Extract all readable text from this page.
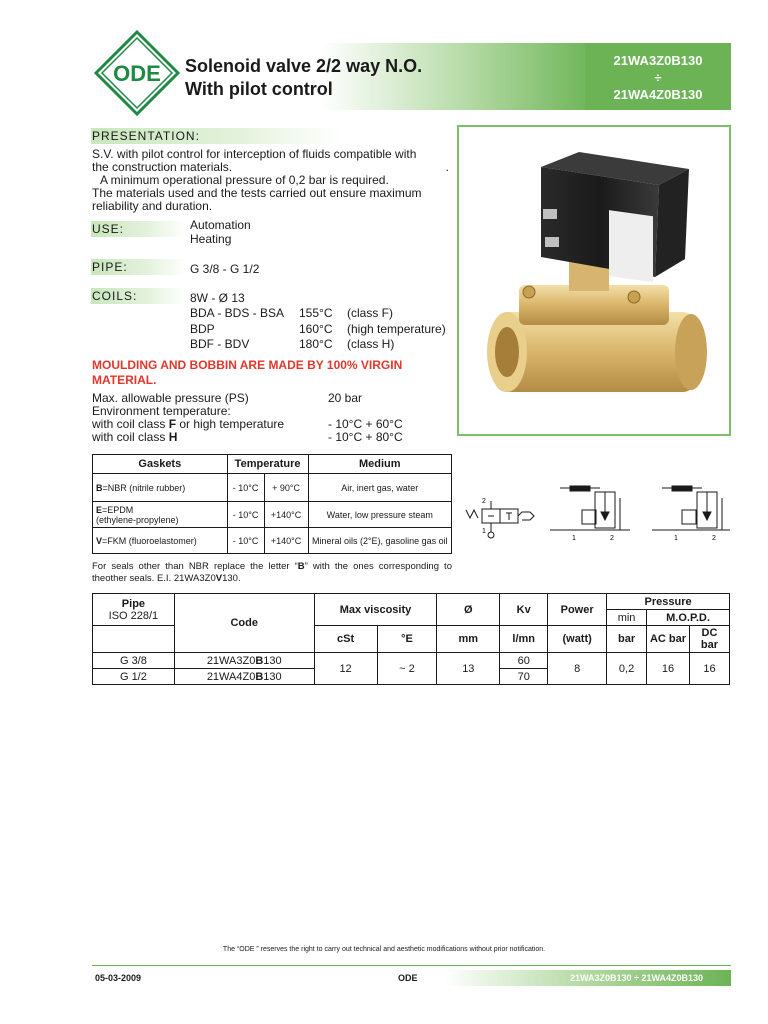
ODE Solenoid valve 2/2 way N.O.
With pilot control
21WA3Z0B130
÷
21WA4Z0B130
PRESENTATION:
S.V. with pilot control for interception of fluids compatible with
the construction materials.	.
A minimum operational pressure of 0,2 bar is required.
The materials used and the tests carried out ensure maximum
reliability and duration.
USE:	Automation
Heating
PIPE:	G 3/8 - G 1/2
COILS:	8W - Ø 13
BDA - BDS - BSA 155°C (class F)
BDP	160°C (high temperature)
BDF - BDV	180°C (class H)
MOULDING AND BOBBIN ARE MADE BY 100% VIRGIN MATERIAL.
Max. allowable pressure (PS)	20 bar
Environment temperature:
with coil class F or high temperature	- 10°C + 60°C
with coil class H	- 10°C + 80°C
Gaskets	Temperature		Medium
B=NBR (nitrile rubber)	- 10°C	+ 90°C	Air, inert gas, water
E=EPDM
(ethylene-propylene)	- 10°C	+140°C	Water, low pressure steam
V=FKM (fluoroelastomer)	- 10°C	+140°C	Mineral oils (2°E), gasoline gas oil
2
1
1	2	1	2
For seals other than NBR replace the letter “B” with the ones corresponding to theother seals. E.I. 21WA3Z0V130.
Pipe
ISO 228/1	Code	Max viscosity		Ø	Kv	Power	Pressure		
							min	M.O.P.D.	
		cSt	°E	mm	l/mn	(watt)	bar	AC bar	DC bar
G 3/8	21WA3Z0B130	12	~ 2	13	60	8	0,2	16	16
G 1/2	21WA4Z0B130				70				
The “ODE ” reserves the right to carry out technical and aesthetic modifications without prior notification.
05-03-2009	ODE	21WA3Z0B130 ÷ 21WA4Z0B130
